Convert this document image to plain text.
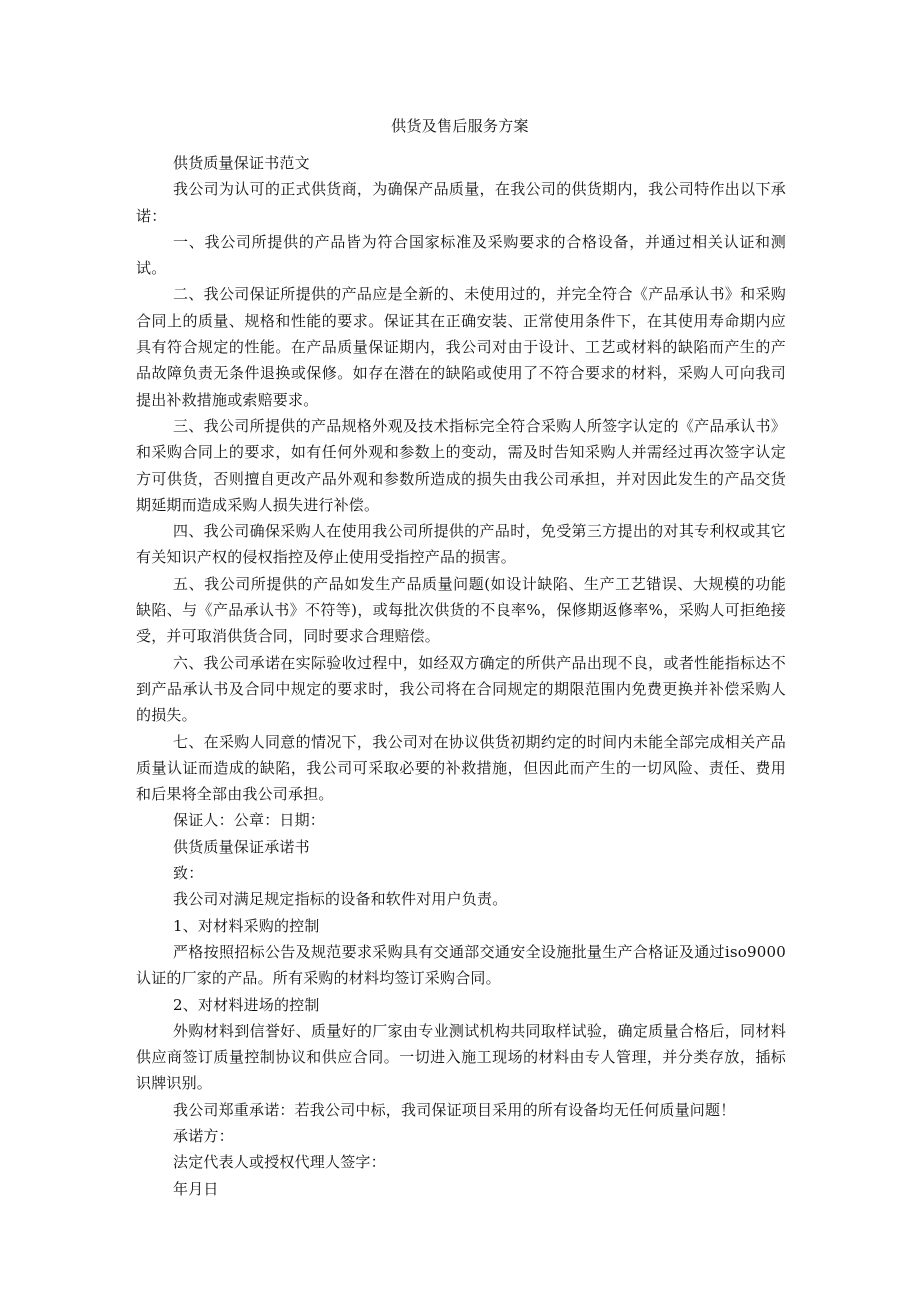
供货及售后服务方案

供货质量保证书范文

我公司为认可的正式供货商，为确保产品质量，在我公司的供货期内，我公司特作出以下承诺：

一、我公司所提供的产品皆为符合国家标准及采购要求的合格设备，并通过相关认证和测试。

二、我公司保证所提供的产品应是全新的、未使用过的，并完全符合《产品承认书》和采购合同上的质量、规格和性能的要求。保证其在正确安装、正常使用条件下，在其使用寿命期内应具有符合规定的性能。在产品质量保证期内，我公司对由于设计、工艺或材料的缺陷而产生的产品故障负责无条件退换或保修。如存在潜在的缺陷或使用了不符合要求的材料，采购人可向我司提出补救措施或索赔要求。

三、我公司所提供的产品规格外观及技术指标完全符合采购人所签字认定的《产品承认书》和采购合同上的要求，如有任何外观和参数上的变动，需及时告知采购人并需经过再次签字认定方可供货，否则擅自更改产品外观和参数所造成的损失由我公司承担，并对因此发生的产品交货期延期而造成采购人损失进行补偿。

四、我公司确保采购人在使用我公司所提供的产品时，免受第三方提出的对其专利权或其它有关知识产权的侵权指控及停止使用受指控产品的损害。

五、我公司所提供的产品如发生产品质量问题(如设计缺陷、生产工艺错误、大规模的功能缺陷、与《产品承认书》不符等)，或每批次供货的不良率%，保修期返修率%，采购人可拒绝接受，并可取消供货合同，同时要求合理赔偿。

六、我公司承诺在实际验收过程中，如经双方确定的所供产品出现不良，或者性能指标达不到产品承认书及合同中规定的要求时，我公司将在合同规定的期限范围内免费更换并补偿采购人的损失。

七、在采购人同意的情况下，我公司对在协议供货初期约定的时间内未能全部完成相关产品质量认证而造成的缺陷，我公司可采取必要的补救措施，但因此而产生的一切风险、责任、费用和后果将全部由我公司承担。

保证人：公章：日期：

供货质量保证承诺书

致：

我公司对满足规定指标的设备和软件对用户负责。

1、对材料采购的控制

严格按照招标公告及规范要求采购具有交通部交通安全设施批量生产合格证及通过iso9000认证的厂家的产品。所有采购的材料均签订采购合同。

2、对材料进场的控制

外购材料到信誉好、质量好的厂家由专业测试机构共同取样试验，确定质量合格后，同材料供应商签订质量控制协议和供应合同。一切进入施工现场的材料由专人管理，并分类存放，插标识牌识别。

我公司郑重承诺：若我公司中标，我司保证项目采用的所有设备均无任何质量问题！

承诺方：

法定代表人或授权代理人签字：

年月日
